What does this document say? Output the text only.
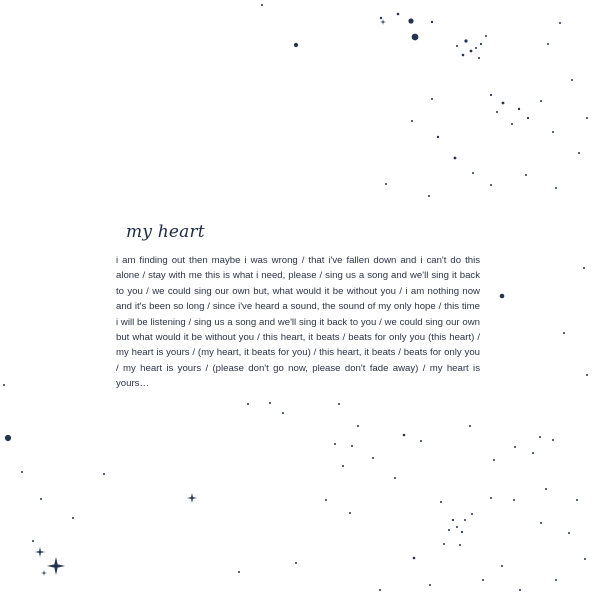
my heart

i am finding out then maybe i was wrong / that i've fallen down and i can't do this alone / stay with me this is what i need, please / sing us a song and we'll sing it back to you / we could sing our own but, what would it be without you / i am nothing now and it's been so long / since i've heard a sound, the sound of my only hope / this time i will be listening / sing us a song and we'll sing it back to you / we could sing our own but what would it be without you / this heart, it beats / beats for only you (this heart) / my heart is yours / (my heart, it beats for you) / this heart, it beats / beats for only you / my heart is yours / (please don't go now, please don't fade away) / my heart is yours…
